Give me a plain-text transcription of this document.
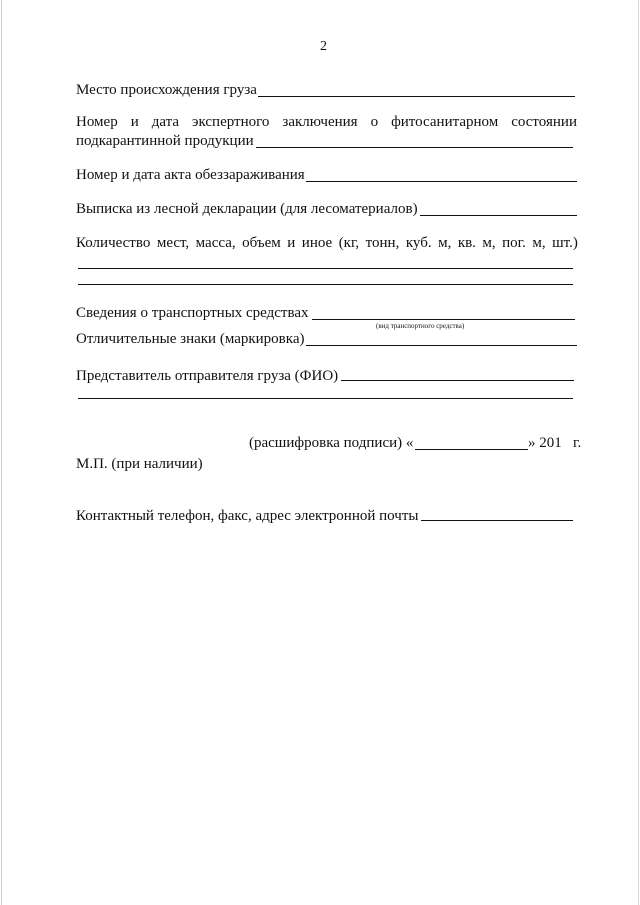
2
Место происхождения груза
Номер и дата экспертного заключения о фитосанитарном состоянии
подкарантинной продукции
Номер и дата акта обеззараживания
Выписка из лесной декларации (для лесоматериалов)
Количество мест, масса, объем и иное (кг, тонн, куб. м, кв. м, пог. м, шт.)
Сведения о транспортных средствах
(вид транспортного средства)
Отличительные знаки (маркировка)
Представитель отправителя груза (ФИО)
(расшифровка подписи) «	» 201   г.
М.П. (при наличии)
Контактный телефон, факс, адрес электронной почты
